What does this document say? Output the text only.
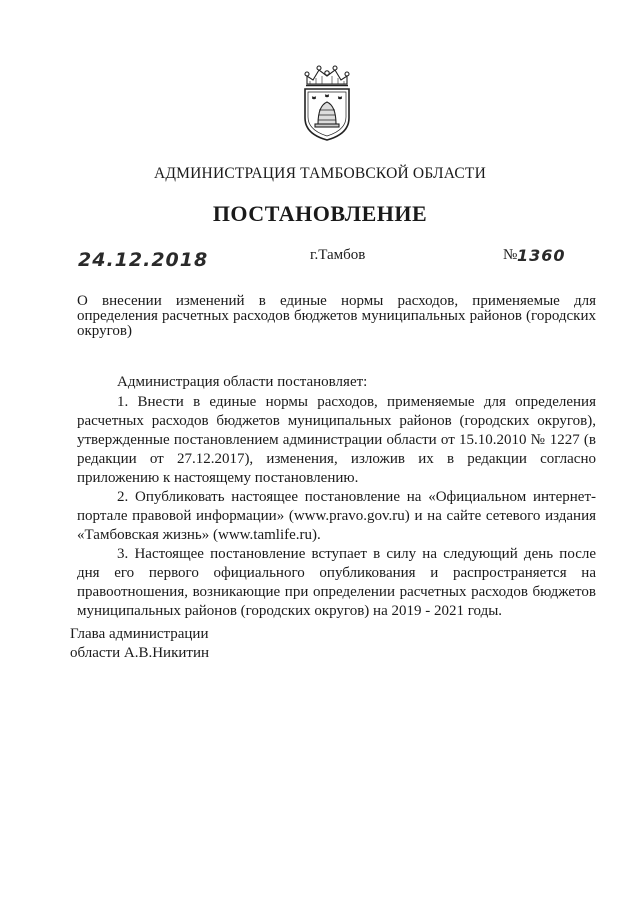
АДМИНИСТРАЦИЯ ТАМБОВСКОЙ ОБЛАСТИ
ПОСТАНОВЛЕНИЕ
24.12.2018	г.Тамбов	№ 1360
О внесении изменений в единые нормы расходов, применяемые для определения расчетных расходов бюджетов муниципальных районов (городских округов)

Администрация области постановляет:

1. Внести в единые нормы расходов, применяемые для определения расчетных расходов бюджетов муниципальных районов (городских округов), утвержденные постановлением администрации области от 15.10.2010 № 1227 (в редакции от 27.12.2017), изменения, изложив их в редакции согласно приложению к настоящему постановлению.

2. Опубликовать настоящее постановление на «Официальном интернет-портале правовой информации» (www.pravo.gov.ru) и на сайте сетевого издания «Тамбовская жизнь» (www.tamlife.ru).

3. Настоящее постановление вступает в силу на следующий день после дня его первого официального опубликования и распространяется на правоотношения, возникающие при определении расчетных расходов бюджетов муниципальных районов (городских округов) на 2019 - 2021 годы.

Глава администрации
области А.В.Никитин
